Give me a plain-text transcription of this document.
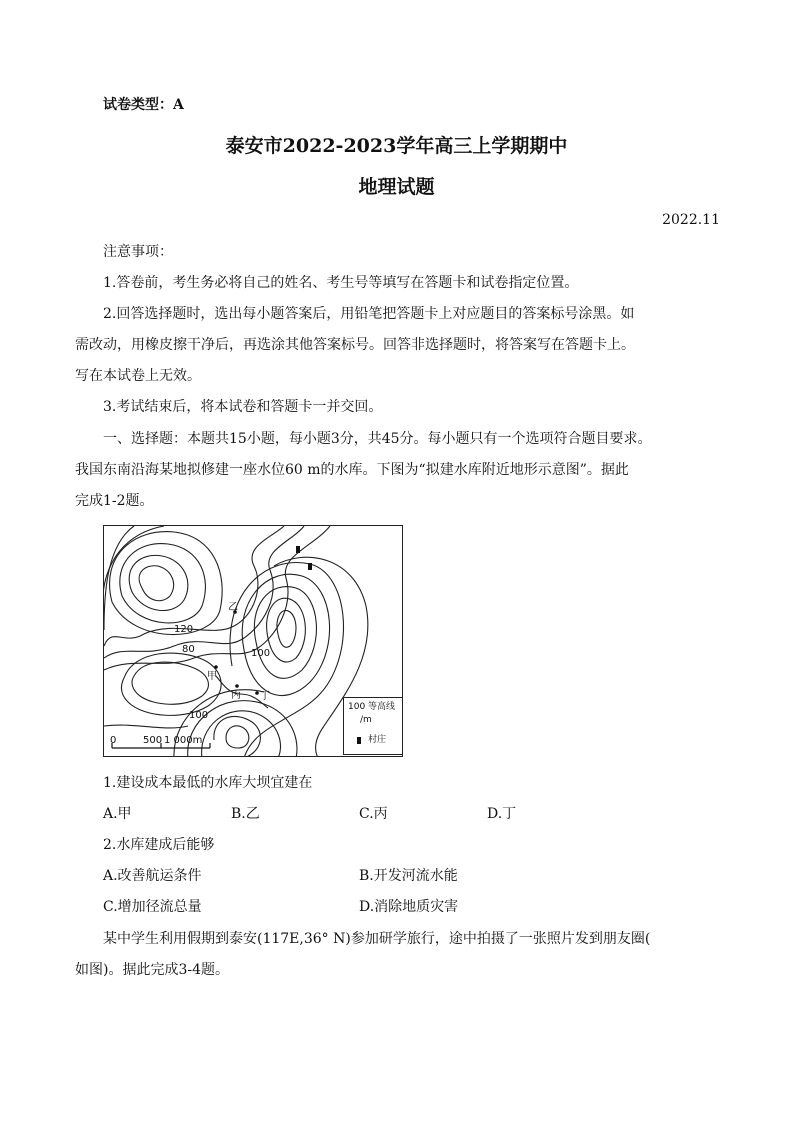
试卷类型：A
泰安市2022-2023学年高三上学期期中
地理试题
2022.11
注意事项：
1.答卷前，考生务必将自己的姓名、考生号等填写在答题卡和试卷指定位置。
2.回答选择题时，选出每小题答案后，用铅笔把答题卡上对应题目的答案标号涂黑。如
需改动，用橡皮擦干净后，再选涂其他答案标号。回答非选择题时，将答案写在答题卡上。
写在本试卷上无效。
3.考试结束后，将本试卷和答题卡一并交回。
一、选择题：本题共15小题，每小题3分，共45分。每小题只有一个选项符合题目要求。
我国东南沿海某地拟修建一座水位60 m的水库。下图为“拟建水库附近地形示意图”。据此
完成1-2题。
120
80	100
100
乙
甲
丙 丁
0	500 1 000m
100 等高线
/m
村庄
1.建设成本最低的水库大坝宜建在
A.甲	B.乙	C.丙	D.丁
2.水库建成后能够
A.改善航运条件	B.开发河流水能
C.增加径流总量	D.消除地质灾害
某中学生利用假期到泰安(117E,36° N)参加研学旅行，途中拍摄了一张照片发到朋友圈(
如图)。据此完成3-4题。
